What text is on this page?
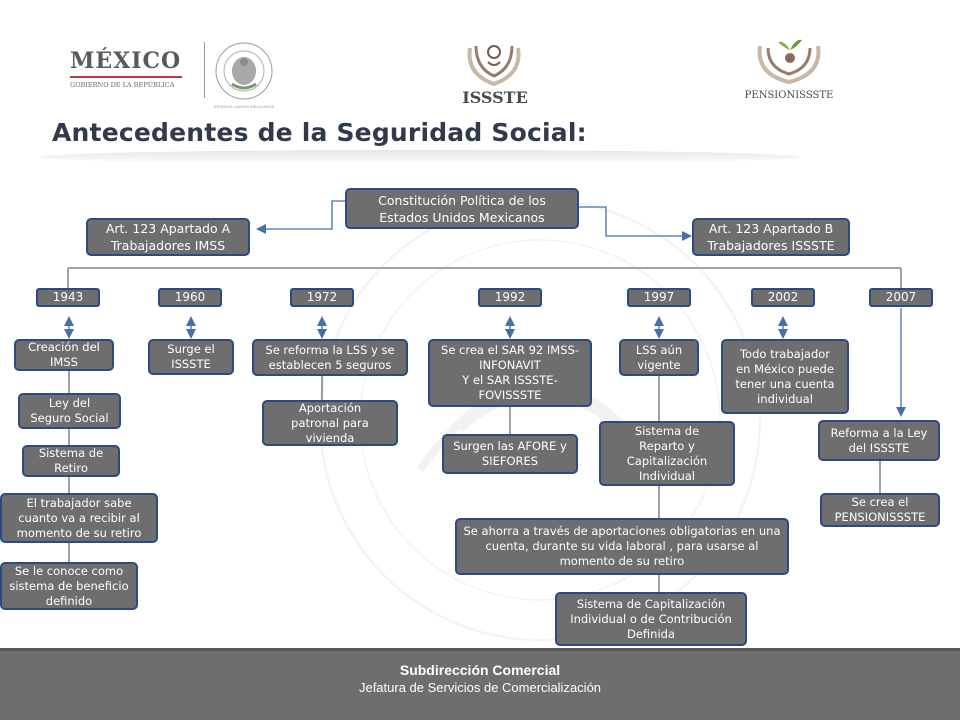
MÉXICO
GOBIERNO DE LA REPÚBLICA
ESTADOS UNIDOS MEXICANOS	ISSSTE	PENSIONISSSTE
Antecedentes de la Seguridad Social:
Constitución Política de los
Estados Unidos Mexicanos
Art. 123 Apartado A
Trabajadores IMSS
Art. 123 Apartado B
Trabajadores ISSSTE
1943	1960	1972	1992	1997	2002	2007
Creación del
IMSS
Ley del
Seguro Social
Sistema de
Retiro
El trabajador sabe
cuanto va a recibir al
momento de su retiro
Se le conoce como
sistema de beneficio
definido
Surge el
ISSSTE
Se reforma la LSS y se
establecen 5 seguros
Aportación
patronal para
vivienda
Se crea el SAR 92 IMSS-
INFONAVIT
Y el SAR ISSSTE-
FOVISSSTE
Surgen las AFORE y
SIEFORES
LSS aún
vigente
Sistema de
Reparto y
Capitalización
Individual
Todo trabajador
en México puede
tener una cuenta
individual
Reforma a la Ley
del ISSSTE
Se crea el
PENSIONISSSTE
Se ahorra a través de aportaciones obligatorias en una
cuenta, durante su vida laboral , para usarse al
momento de su retiro
Sistema de Capitalización
Individual o de Contribución
Definida
Subdirección Comercial
Jefatura de Servicios de Comercialización
